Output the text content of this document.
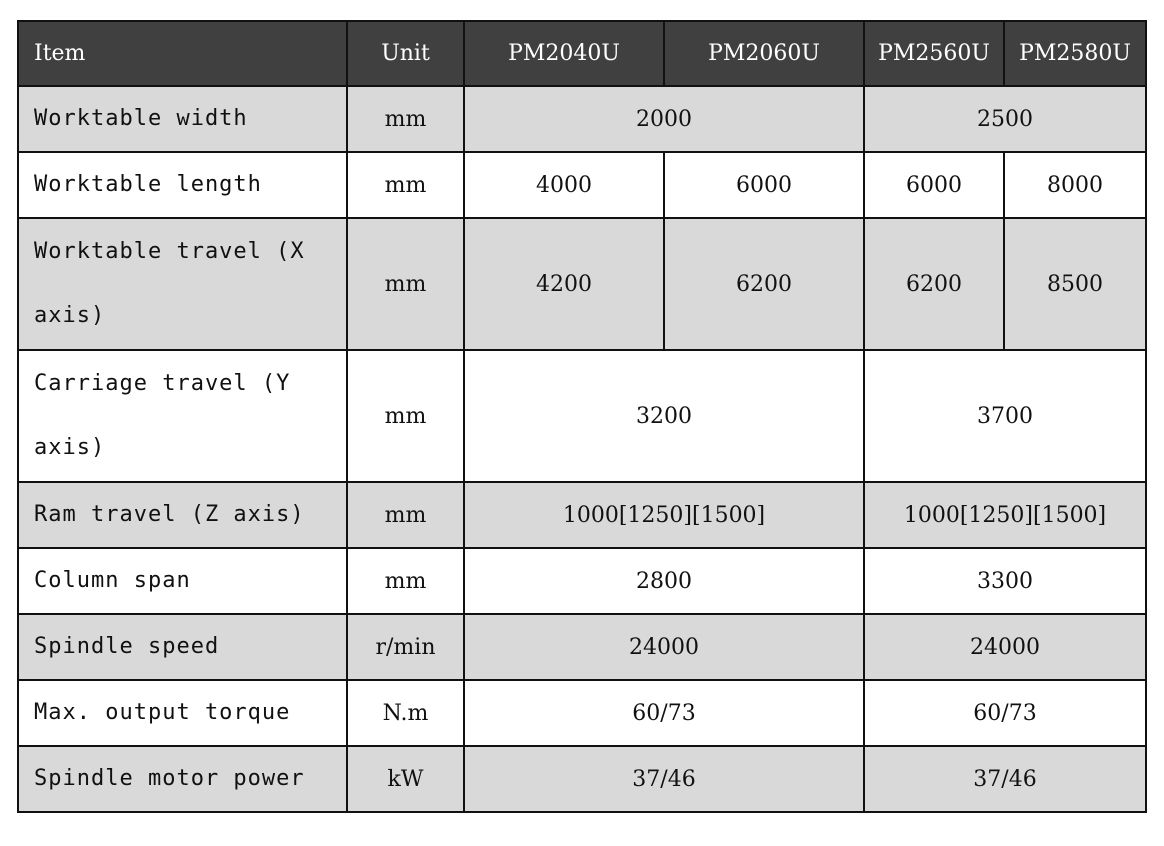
Item	Unit	PM2040U	PM2060U	PM2560U	PM2580U
Worktable width	mm	2000		2500	
Worktable length	mm	4000	6000	6000	8000
Worktable travel (X axis)	mm	4200	6200	6200	8500
Carriage travel (Y axis)	mm	3200		3700	
Ram travel (Z axis)	mm	1000[1250][1500]		1000[1250][1500]	
Column span	mm	2800		3300	
Spindle speed	r/min	24000		24000	
Max. output torque	N.m	60/73		60/73	
Spindle motor power	kW	37/46		37/46	
